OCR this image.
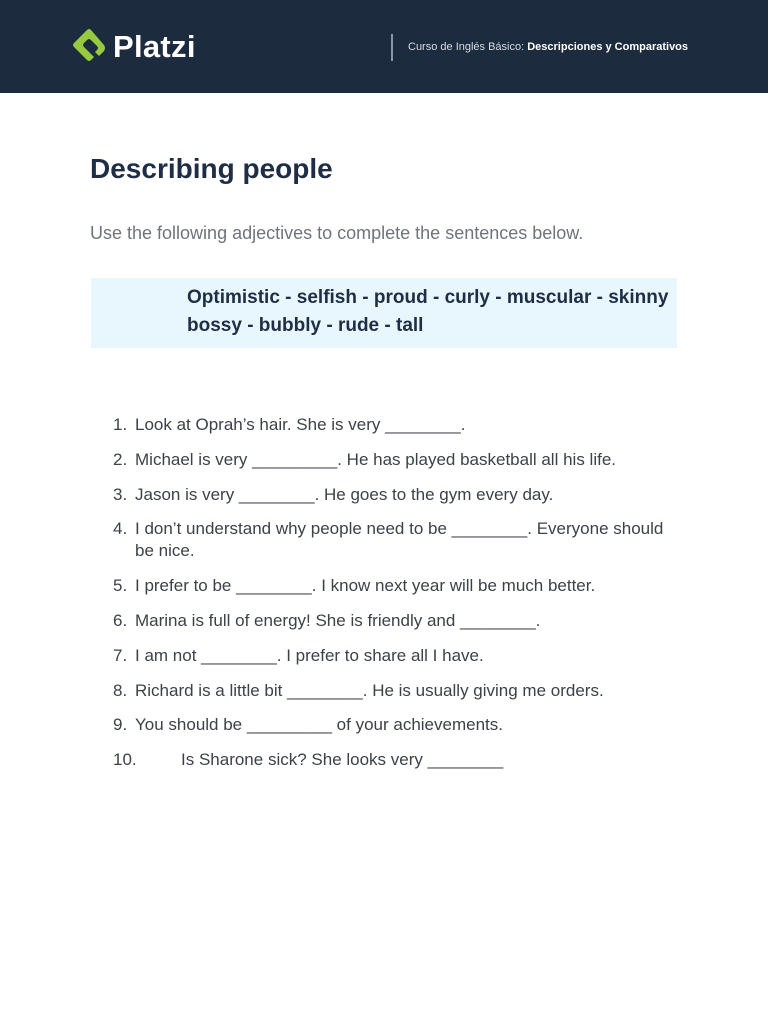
Platzi	Curso de Inglés Básico: Descripciones y Comparativos
Describing people

Use the following adjectives to complete the sentences below.

Optimistic - selfish - proud - curly - muscular - skinny
bossy - bubbly - rude - tall
1. Look at Oprah’s hair. She is very ________.
2. Michael is very _________. He has played basketball all his life.
3. Jason is very ________. He goes to the gym every day.
4. I don’t understand why people need to be ________. Everyone should be nice.
5. I prefer to be ________. I know next year will be much better.
6. Marina is full of energy! She is friendly and ________.
7. I am not ________. I prefer to share all I have.
8. Richard is a little bit ________. He is usually giving me orders.
9. You should be _________ of your achievements.
10.	Is Sharone sick? She looks very ________
